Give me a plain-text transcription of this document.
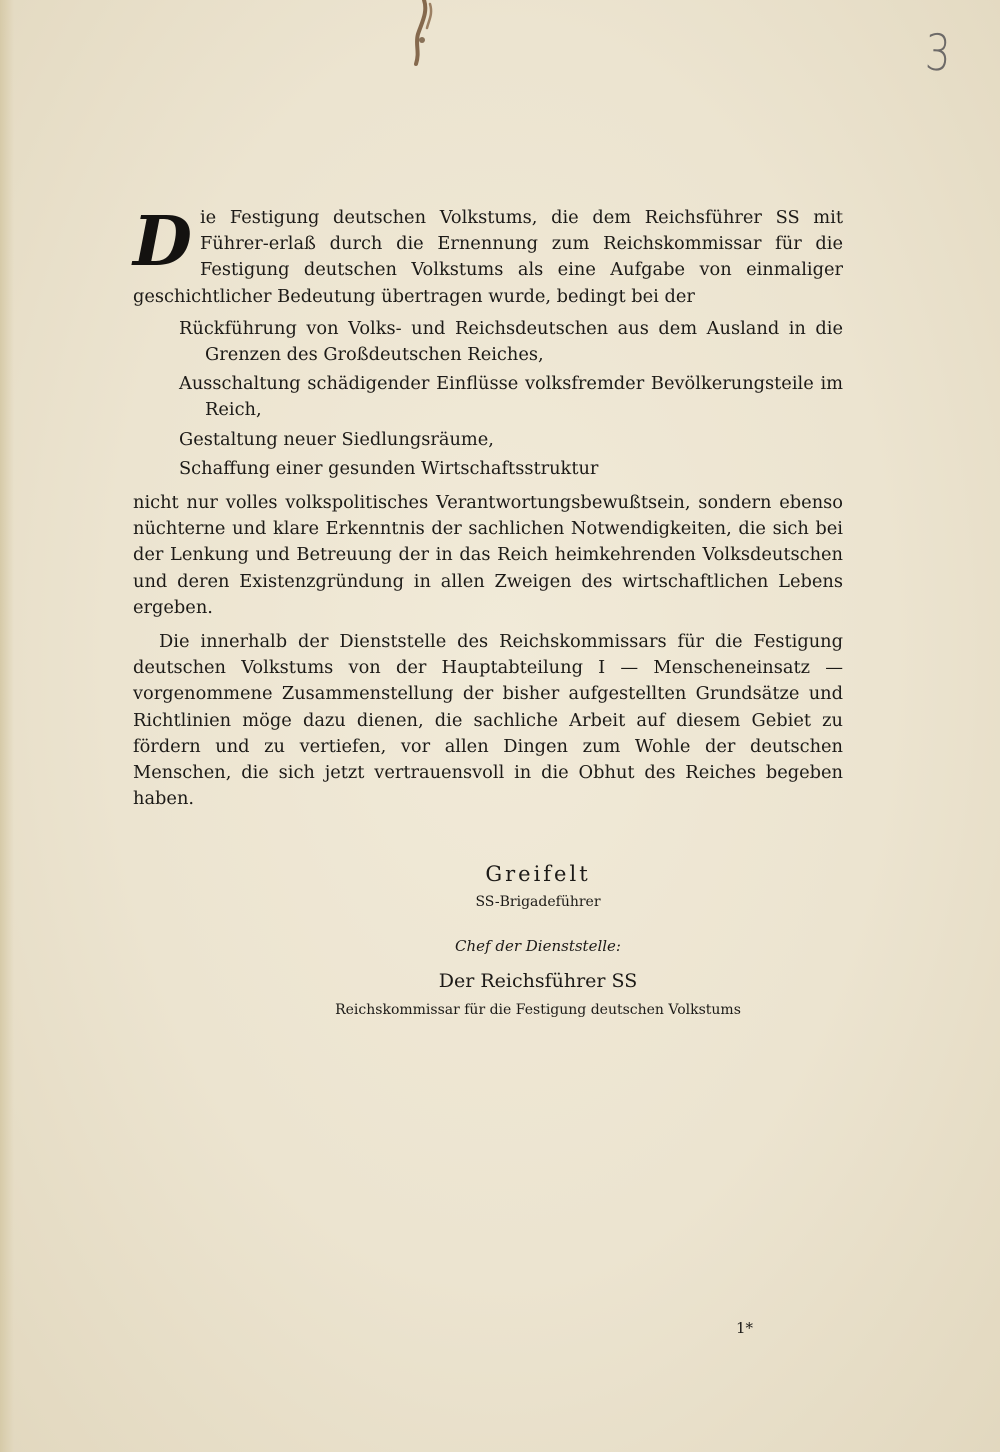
3

Die Festigung deutschen Volkstums, die dem Reichsführer SS mit Führer-erlaß durch die Ernennung zum Reichskommissar für die Festigung deutschen Volkstums als eine Aufgabe von einmaliger geschichtlicher Bedeutung übertragen wurde, bedingt bei der

Rückführung von Volks- und Reichsdeutschen aus dem Ausland in die Grenzen des Großdeutschen Reiches,
Ausschaltung schädigender Einflüsse volksfremder Bevölkerungsteile im Reich,
Gestaltung neuer Siedlungsräume,
Schaffung einer gesunden Wirtschaftsstruktur

nicht nur volles volkspolitisches Verantwortungsbewußtsein, sondern ebenso nüchterne und klare Erkenntnis der sachlichen Notwendigkeiten, die sich bei der Lenkung und Betreuung der in das Reich heimkehrenden Volksdeutschen und deren Existenzgründung in allen Zweigen des wirtschaftlichen Lebens ergeben.

Die innerhalb der Dienststelle des Reichskommissars für die Festigung deutschen Volkstums von der Hauptabteilung I — Menscheneinsatz — vorgenommene Zusammenstellung der bisher aufgestellten Grundsätze und Richtlinien möge dazu dienen, die sachliche Arbeit auf diesem Gebiet zu fördern und zu vertiefen, vor allen Dingen zum Wohle der deutschen Menschen, die sich jetzt vertrauensvoll in die Obhut des Reiches begeben haben.

Greifelt
SS-Brigadeführer
Chef der Dienststelle:
Der Reichsführer SS
Reichskommissar für die Festigung deutschen Volkstums
1*
